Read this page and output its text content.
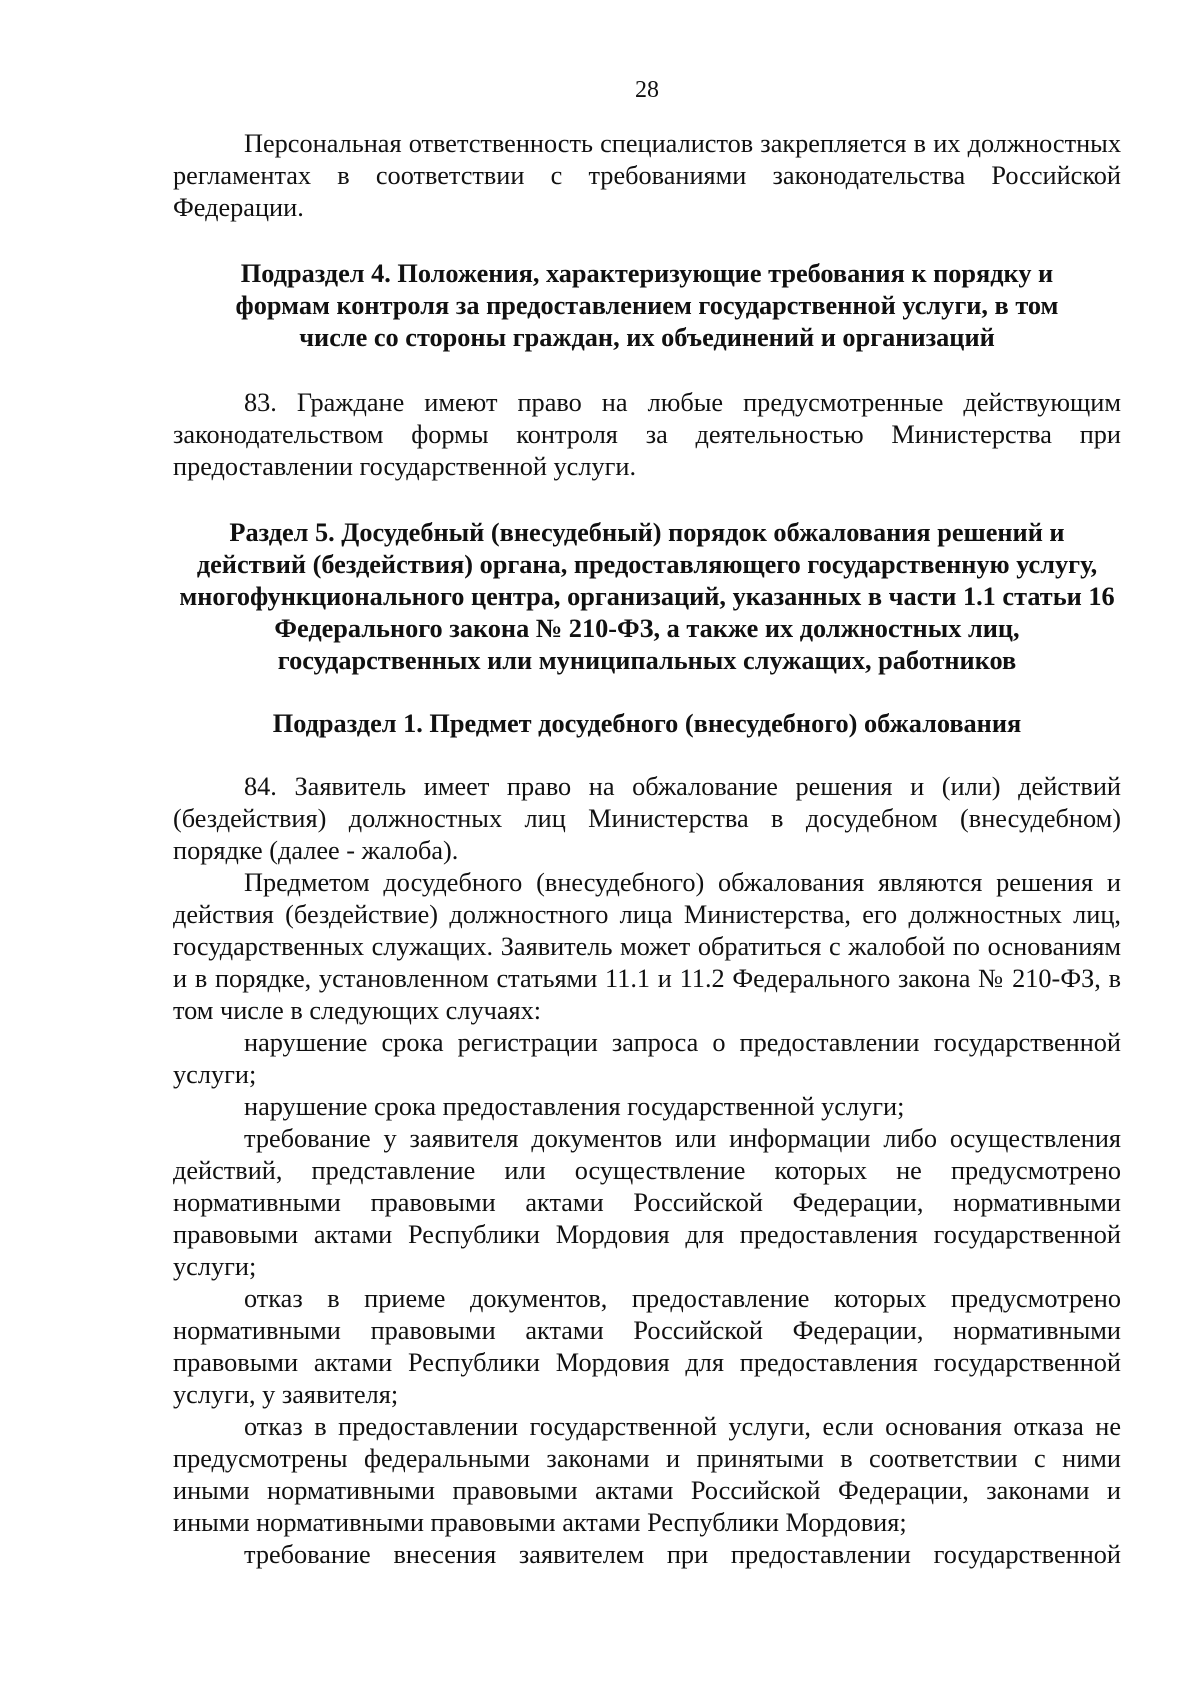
28

Персональная ответственность специалистов закрепляется в их должностных регламентах в соответствии с требованиями законодательства Российской Федерации.

Подраздел 4. Положения, характеризующие требования к порядку и формам контроля за предоставлением государственной услуги, в том числе со стороны граждан, их объединений и организаций

83. Граждане имеют право на любые предусмотренные действующим законодательством формы контроля за деятельностью Министерства при предоставлении государственной услуги.

Раздел 5. Досудебный (внесудебный) порядок обжалования решений и действий (бездействия) органа, предоставляющего государственную услугу, многофункционального центра, организаций, указанных в части 1.1 статьи 16 Федерального закона № 210-ФЗ, а также их должностных лиц, государственных или муниципальных служащих, работников

Подраздел 1. Предмет досудебного (внесудебного) обжалования

84. Заявитель имеет право на обжалование решения и (или) действий (бездействия) должностных лиц Министерства в досудебном (внесудебном) порядке (далее - жалоба).

Предметом досудебного (внесудебного) обжалования являются решения и действия (бездействие) должностного лица Министерства, его должностных лиц, государственных служащих. Заявитель может обратиться с жалобой по основаниям и в порядке, установленном статьями 11.1 и 11.2 Федерального закона № 210-ФЗ, в том числе в следующих случаях:

нарушение срока регистрации запроса о предоставлении государственной услуги;

нарушение срока предоставления государственной услуги;

требование у заявителя документов или информации либо осуществления действий, представление или осуществление которых не предусмотрено нормативными правовыми актами Российской Федерации, нормативными правовыми актами Республики Мордовия для предоставления государственной услуги;

отказ в приеме документов, предоставление которых предусмотрено нормативными правовыми актами Российской Федерации, нормативными правовыми актами Республики Мордовия для предоставления государственной услуги, у заявителя;

отказ в предоставлении государственной услуги, если основания отказа не предусмотрены федеральными законами и принятыми в соответствии с ними иными нормативными правовыми актами Российской Федерации, законами и иными нормативными правовыми актами Республики Мордовия;

требование внесения заявителем при предоставлении государственной
